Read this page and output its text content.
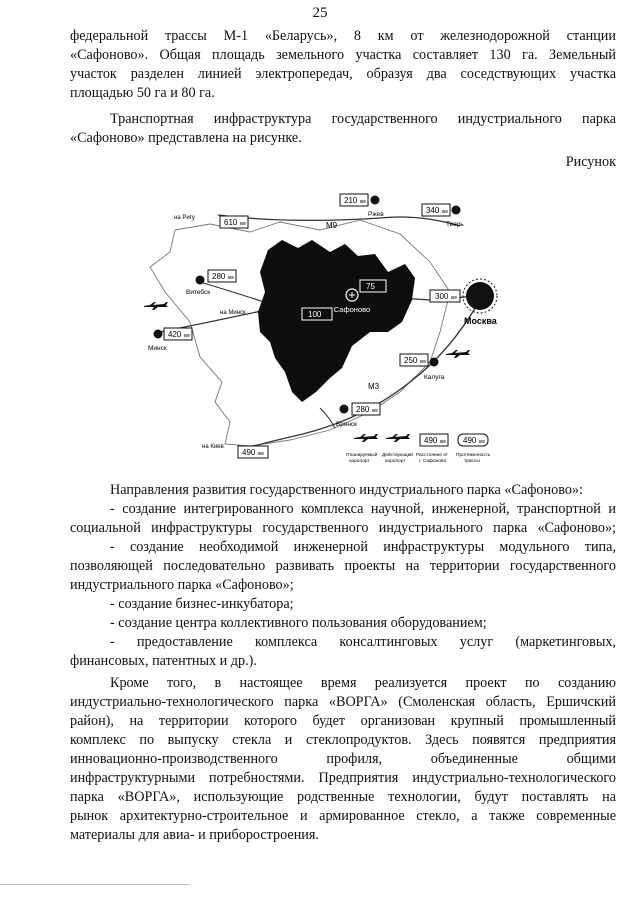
25

федеральной трассы М-1 «Беларусь», 8 км от железнодорожной станции

«Сафоново». Общая площадь земельного участка составляет 130 га. Земельный

участок разделен линией электропередач, образуя два соседствующих участка

площадью 50 га и 80 га.

Транспортная инфраструктура государственного индустриального парка

«Сафоново» представлена на рисунке.

Рисунок
Сафоново
75
100
Москва
300 км
210 км
Ржев	340 км
Тверь
на Ригу	610 км	М9
280 км
Витебск
на Минск
420 км
Минск
250 км
Калуга
М3
280 км
Брянск
на Киев
490 км	Планируемый
аэропорт
Действующий
аэропорт
490 км
Расстояние от
г. Сафоново
490 км
Протяженность
трассы

Направления развития государственного индустриального парка «Сафоново»:

- создание интегрированного комплекса научной, инженерной, транспортной и

социальной инфраструктуры государственного индустриального парка «Сафоново»;

- создание необходимой инженерной инфраструктуры модульного типа,

позволяющей последовательно развивать проекты на территории государственного

индустриального парка «Сафоново»;

- создание бизнес-инкубатора;

- создание центра коллективного пользования оборудованием;

- предоставление комплекса консалтинговых услуг (маркетинговых,

финансовых, патентных и др.).

Кроме того, в настоящее время реализуется проект по созданию

индустриально-технологического парка «ВОРГА» (Смоленская область, Ершичский

район), на территории которого будет организован крупный промышленный

комплекс по выпуску стекла и стеклопродуктов. Здесь появятся предприятия

инновационно-производственного профиля, объединенные общими

инфраструктурными потребностями. Предприятия индустриально-технологического

парка «ВОРГА», использующие родственные технологии, будут поставлять на

рынок архитектурно-строительное и армированное стекло, а также современные

материалы для авиа- и приборостроения.
